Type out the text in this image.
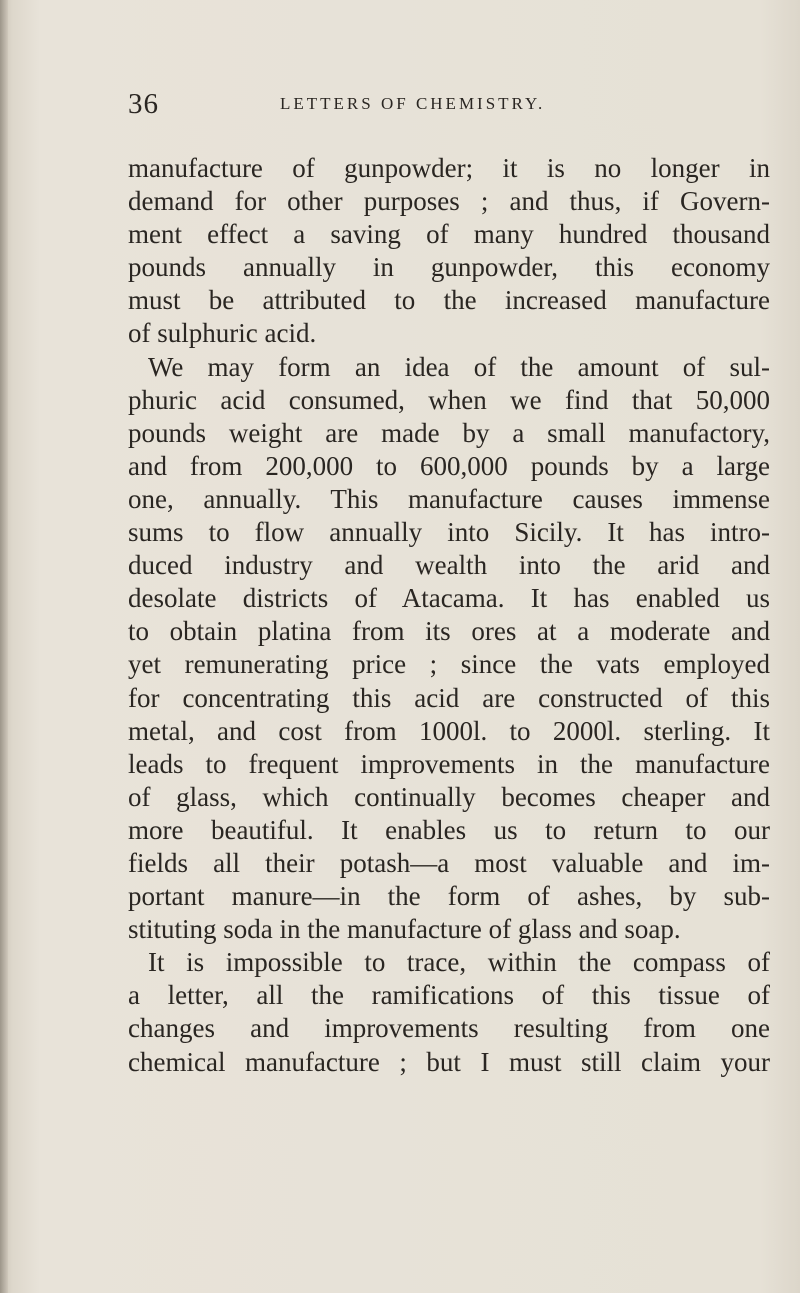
36	LETTERS OF CHEMISTRY.
manufacture of gunpowder; it is no longer in
demand for other purposes ; and thus, if Govern-
ment effect a saving of many hundred thousand
pounds annually in gunpowder, this economy
must be attributed to the increased manufacture
of sulphuric acid.
We may form an idea of the amount of sul-
phuric acid consumed, when we find that 50,000
pounds weight are made by a small manufactory,
and from 200,000 to 600,000 pounds by a large
one, annually. This manufacture causes immense
sums to flow annually into Sicily. It has intro-
duced industry and wealth into the arid and
desolate districts of Atacama. It has enabled us
to obtain platina from its ores at a moderate and
yet remunerating price ; since the vats employed
for concentrating this acid are constructed of this
metal, and cost from 1000l. to 2000l. sterling. It
leads to frequent improvements in the manufacture
of glass, which continually becomes cheaper and
more beautiful. It enables us to return to our
fields all their potash—a most valuable and im-
portant manure—in the form of ashes, by sub-
stituting soda in the manufacture of glass and soap.
It is impossible to trace, within the compass of
a letter, all the ramifications of this tissue of
changes and improvements resulting from one
chemical manufacture ; but I must still claim your
